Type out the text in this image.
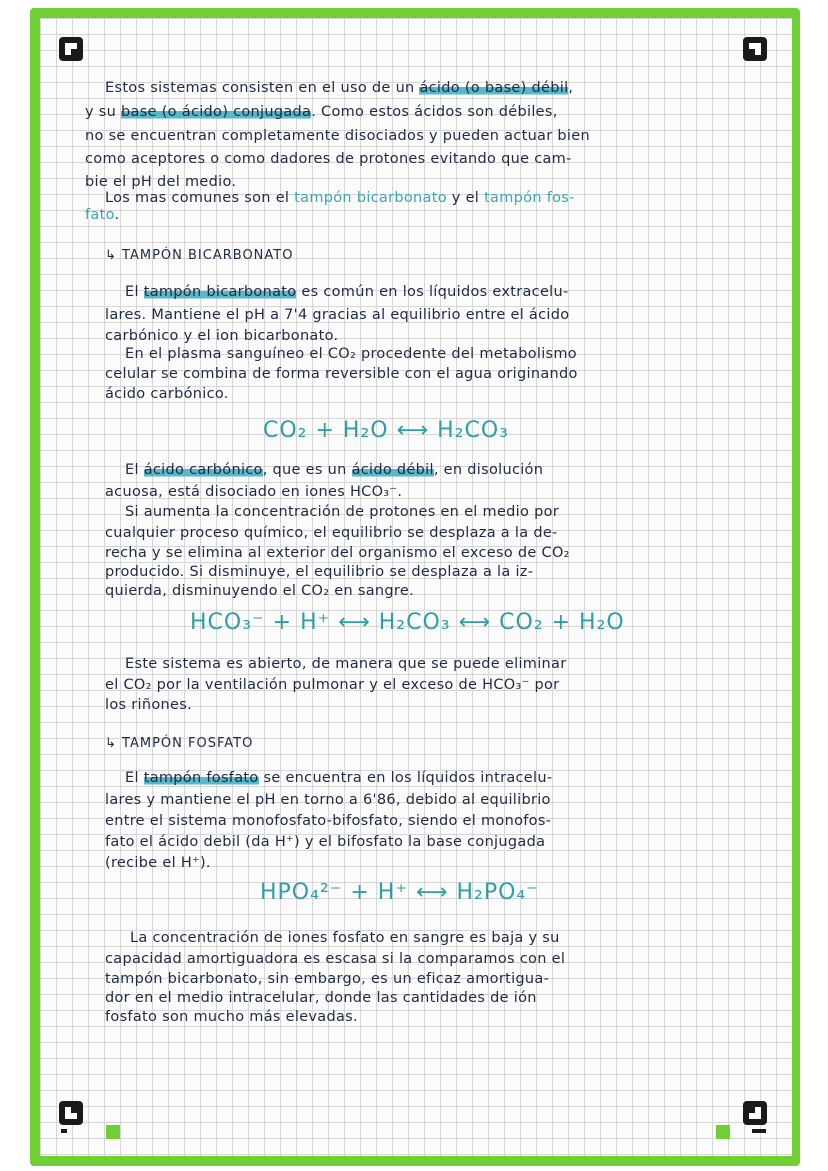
Estos sistemas consisten en el uso de un ácido (o base) débil,
y su base (o ácido) conjugada. Como estos ácidos son débiles,
no se encuentran completamente disociados y pueden actuar bien
como aceptores o como dadores de protones evitando que cam-
bie el pH del medio.
Los mas comunes son el tampón bicarbonato y el tampón fos-
fato.
↳ TAMPÓN BICARBONATO
El tampón bicarbonato es común en los líquidos extracelu-
lares. Mantiene el pH a 7'4 gracias al equilibrio entre el ácido
carbónico y el ion bicarbonato.
En el plasma sanguíneo el CO₂ procedente del metabolismo
celular se combina de forma reversible con el agua originando
ácido carbónico.
CO₂ + H₂O ⟷ H₂CO₃
El ácido carbónico, que es un ácido débil, en disolución
acuosa, está disociado en iones HCO₃⁻.
Si aumenta la concentración de protones en el medio por
cualquier proceso químico, el equilibrio se desplaza a la de-
recha y se elimina al exterior del organismo el exceso de CO₂
producido. Si disminuye, el equilibrio se desplaza a la iz-
quierda, disminuyendo el CO₂ en sangre.
HCO₃⁻ + H⁺ ⟷ H₂CO₃ ⟷ CO₂ + H₂O
Este sistema es abierto, de manera que se puede eliminar
el CO₂ por la ventilación pulmonar y el exceso de HCO₃⁻ por
los riñones.
↳ TAMPÓN FOSFATO
El tampón fosfato se encuentra en los líquidos intracelu-
lares y mantiene el pH en torno a 6'86, debido al equilibrio
entre el sistema monofosfato-bifosfato, siendo el monofos-
fato el ácido debil (da H⁺) y el bifosfato la base conjugada
(recibe el H⁺).
HPO₄²⁻ + H⁺ ⟷ H₂PO₄⁻
La concentración de iones fosfato en sangre es baja y su
capacidad amortiguadora es escasa si la comparamos con el
tampón bicarbonato, sin embargo, es un eficaz amortigua-
dor en el medio intracelular, donde las cantidades de ión
fosfato son mucho más elevadas.
